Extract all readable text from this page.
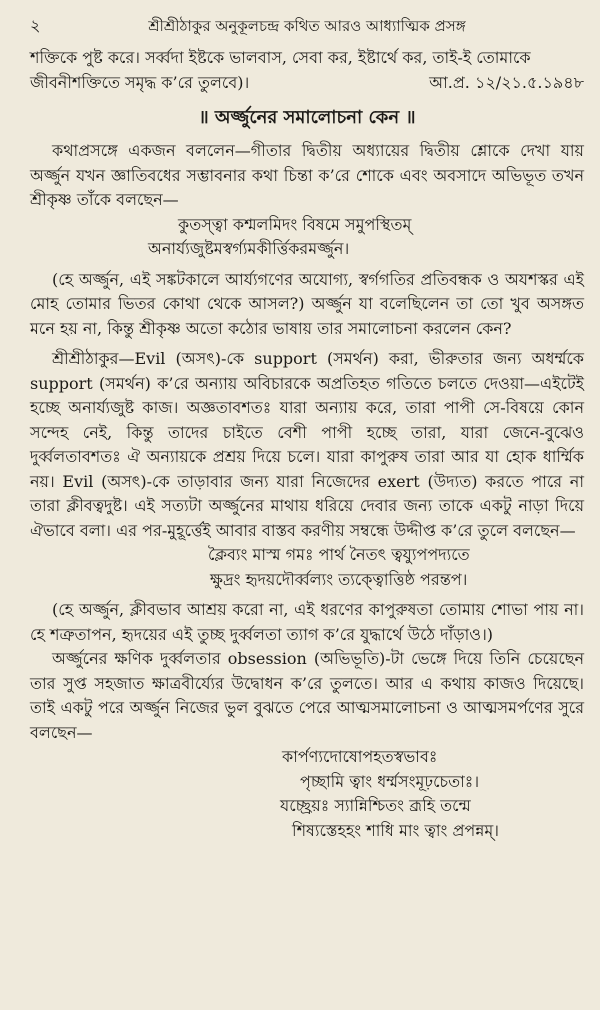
২	শ্রীশ্রীঠাকুর অনুকূলচন্দ্র কথিত আরও আধ্যাত্মিক প্রসঙ্গ

শক্তিকে পুষ্ট করে। সর্ব্বদা ইষ্টকে ভালবাস, সেবা কর, ইষ্টার্থে কর, তাই-ই তোমাকে

জীবনীশক্তিতে সমৃদ্ধ ক’রে তুলবে)।	আ.প্র. ১২/২১.৫.১৯৪৮

॥ অর্জ্জুনের সমালোচনা কেন ॥

কথাপ্রসঙ্গে একজন বললেন—গীতার দ্বিতীয় অধ্যায়ের দ্বিতীয় শ্লোকে দেখা যায় অর্জ্জুন যখন জ্ঞাতিবধের সম্ভাবনার কথা চিন্তা ক’রে শোকে এবং অবসাদে অভিভূত তখন শ্রীকৃষ্ণ তাঁকে বলছেন—

কুতস্ত্বা কশ্মলমিদং বিষমে সমুপস্থিতম্
অনার্য্যজুষ্টমস্বর্গ্যমকীর্ত্তিকরমর্জ্জুন।

(হে অর্জ্জুন, এই সঙ্কটকালে আর্য্যগণের অযোগ্য, স্বর্গগতির প্রতিবন্ধক ও অযশস্কর এই মোহ তোমার ভিতর কোথা থেকে আসল?) অর্জ্জুন যা বলেছিলেন তা তো খুব অসঙ্গত মনে হয় না, কিন্তু শ্রীকৃষ্ণ অতো কঠোর ভাষায় তার সমালোচনা করলেন কেন?

শ্রীশ্রীঠাকুর—Evil (অসৎ)-কে support (সমর্থন) করা, ভীরুতার জন্য অধর্ম্মকে support (সমর্থন) ক’রে অন্যায় অবিচারকে অপ্রতিহত গতিতে চলতে দেওয়া—এইটেই হচ্ছে অনার্য্যজুষ্ট কাজ। অজ্ঞতাবশতঃ যারা অন্যায় করে, তারা পাপী সে-বিষয়ে কোন সন্দেহ নেই, কিন্তু তাদের চাইতে বেশী পাপী হচ্ছে তারা, যারা জেনে-বুঝেও দুর্ব্বলতাবশতঃ ঐ অন্যায়কে প্রশ্রয় দিয়ে চলে। যারা কাপুরুষ তারা আর যা হোক ধার্ম্মিক নয়। Evil (অসৎ)-কে তাড়াবার জন্য যারা নিজেদের exert (উদ্যত) করতে পারে না তারা ক্লীবত্বদুষ্ট। এই সত্যটা অর্জ্জুনের মাথায় ধরিয়ে দেবার জন্য তাকে একটু নাড়া দিয়ে ঐভাবে বলা। এর পর-মুহূর্ত্তেই আবার বাস্তব করণীয় সম্বন্ধে উদ্দীপ্ত ক’রে তুলে বলছেন—

ক্লৈব্যং মাস্ম গমঃ পার্থ নৈতৎ ত্বয্যুপপদ্যতে
ক্ষুদ্রং হৃদয়দৌর্ব্বল্যং ত্যক্ত্বোত্তিষ্ঠ পরন্তপ।

(হে অর্জ্জুন, ক্লীবভাব আশ্রয় করো না, এই ধরণের কাপুরুষতা তোমায় শোভা পায় না। হে শত্রুতাপন, হৃদয়ের এই তুচ্ছ দুর্ব্বলতা ত্যাগ ক’রে যুদ্ধার্থে উঠে দাঁড়াও।)

অর্জ্জুনের ক্ষণিক দুর্ব্বলতার obsession (অভিভূতি)-টা ভেঙ্গে দিয়ে তিনি চেয়েছেন তার সুপ্ত সহজাত ক্ষাত্রবীর্য্যের উদ্বোধন ক’রে তুলতে। আর এ কথায় কাজও দিয়েছে। তাই একটু পরে অর্জ্জুন নিজের ভুল বুঝতে পেরে আত্মসমালোচনা ও আত্মসমর্পণের সুরে বলছেন—

কার্পণ্যদোষোপহতস্বভাবঃ
পৃচ্ছামি ত্বাং ধর্ম্মসংমূঢ়চেতাঃ।
যচ্ছ্রেয়ঃ স্যান্নিশ্চিতং ব্রূহি তন্মে
শিষ্যস্তেহহং শাধি মাং ত্বাং প্রপন্নম্।
